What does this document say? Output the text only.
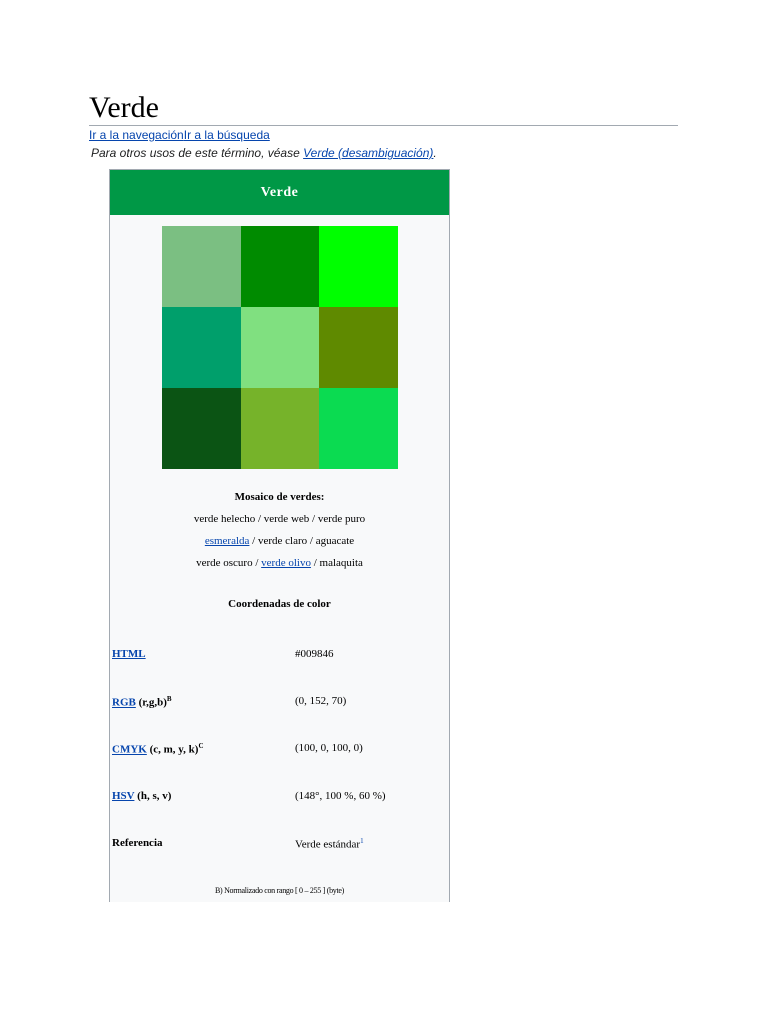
Verde
Ir a la navegaciónIr a la búsqueda
Para otros usos de este término, véase Verde (desambiguación).
Verde
Mosaico de verdes:
verde helecho / verde web / verde puro
esmeralda / verde claro / aguacate
verde oscuro / verde olivo / malaquita
Coordenadas de color
HTML	#009846
RGB $(r,g,b)^B$	(0, 152, 70)
CMYK (c, m, y, k)$^C$	(100, 0, 100, 0)
HSV (h, s, v)	(148°, 100 %, 60 %)
Referencia	Verde estándar$^1$
B) Normalizado con rango [ 0 – 255 ] (byte)
